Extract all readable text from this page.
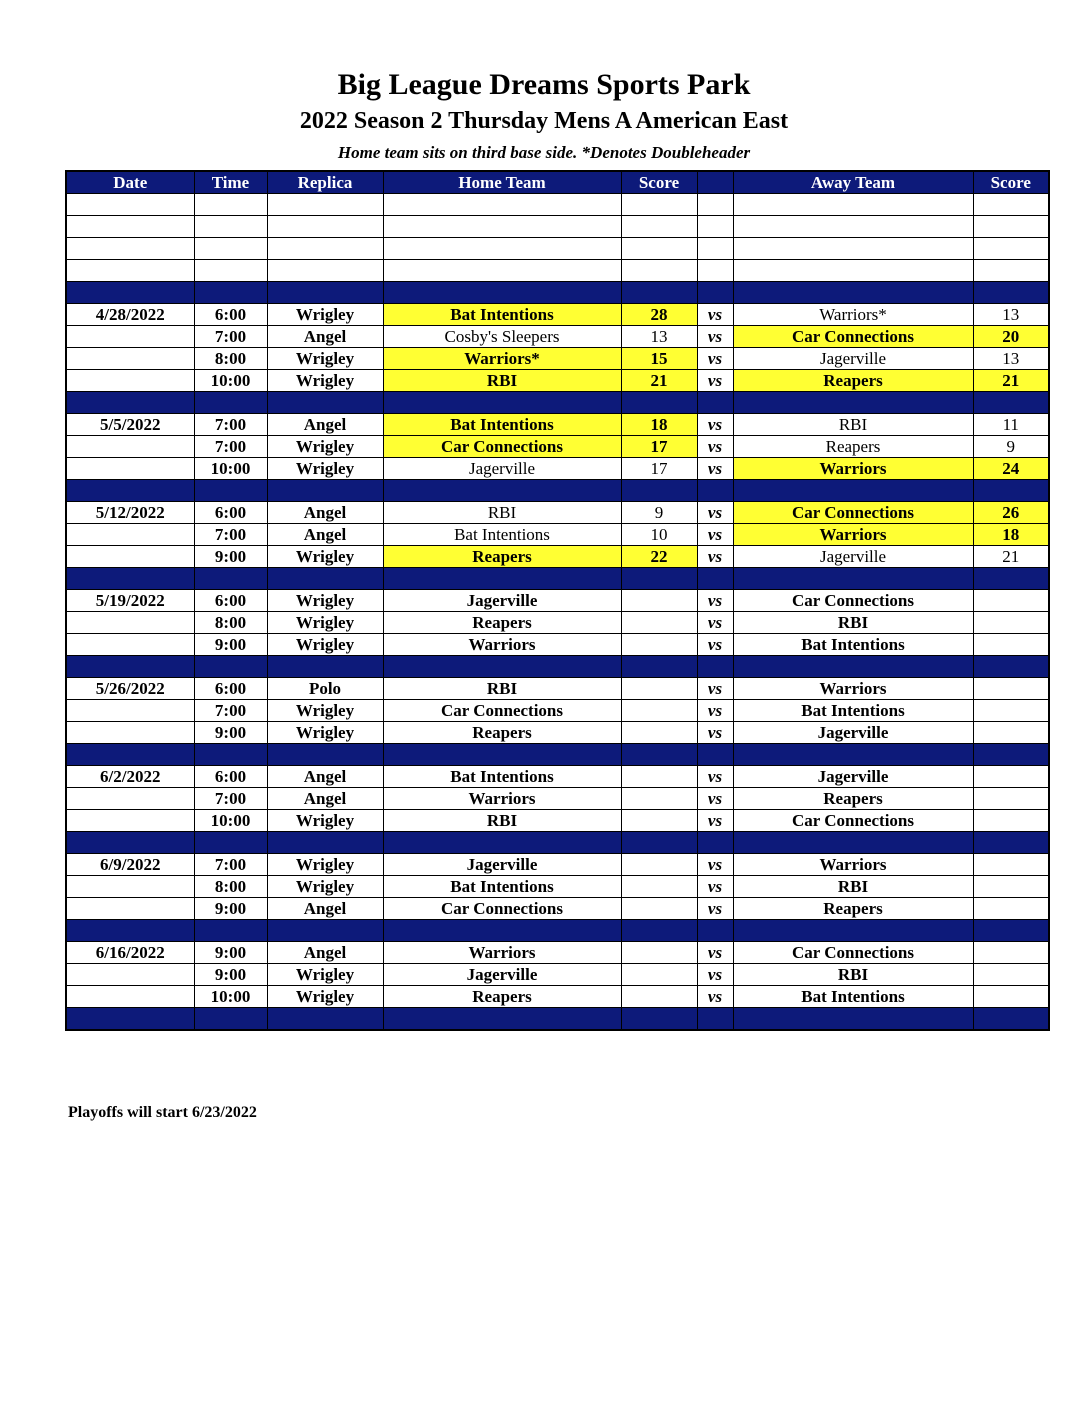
Big League Dreams Sports Park
2022 Season 2 Thursday Mens A American East
Home team sits on third base side. *Denotes Doubleheader
Date	Time	Replica	Home Team	Score		Away Team	Score

4/28/2022	6:00	Wrigley	Bat Intentions	28	vs	Warriors*	13
	7:00	Angel	Cosby's Sleepers	13	vs	Car Connections	20
	8:00	Wrigley	Warriors*	15	vs	Jagerville	13
	10:00	Wrigley	RBI	21	vs	Reapers	21

5/5/2022	7:00	Angel	Bat Intentions	18	vs	RBI	11
	7:00	Wrigley	Car Connections	17	vs	Reapers	9
	10:00	Wrigley	Jagerville	17	vs	Warriors	24

5/12/2022	6:00	Angel	RBI	9	vs	Car Connections	26
	7:00	Angel	Bat Intentions	10	vs	Warriors	18
	9:00	Wrigley	Reapers	22	vs	Jagerville	21

5/19/2022	6:00	Wrigley	Jagerville		vs	Car Connections	
	8:00	Wrigley	Reapers		vs	RBI	
	9:00	Wrigley	Warriors		vs	Bat Intentions	

5/26/2022	6:00	Polo	RBI		vs	Warriors	
	7:00	Wrigley	Car Connections		vs	Bat Intentions	
	9:00	Wrigley	Reapers		vs	Jagerville	

6/2/2022	6:00	Angel	Bat Intentions		vs	Jagerville	
	7:00	Angel	Warriors		vs	Reapers	
	10:00	Wrigley	RBI		vs	Car Connections	

6/9/2022	7:00	Wrigley	Jagerville		vs	Warriors	
	8:00	Wrigley	Bat Intentions		vs	RBI	
	9:00	Angel	Car Connections		vs	Reapers	

6/16/2022	9:00	Angel	Warriors		vs	Car Connections	
	9:00	Wrigley	Jagerville		vs	RBI	
	10:00	Wrigley	Reapers		vs	Bat Intentions	

Playoffs will start 6/23/2022
